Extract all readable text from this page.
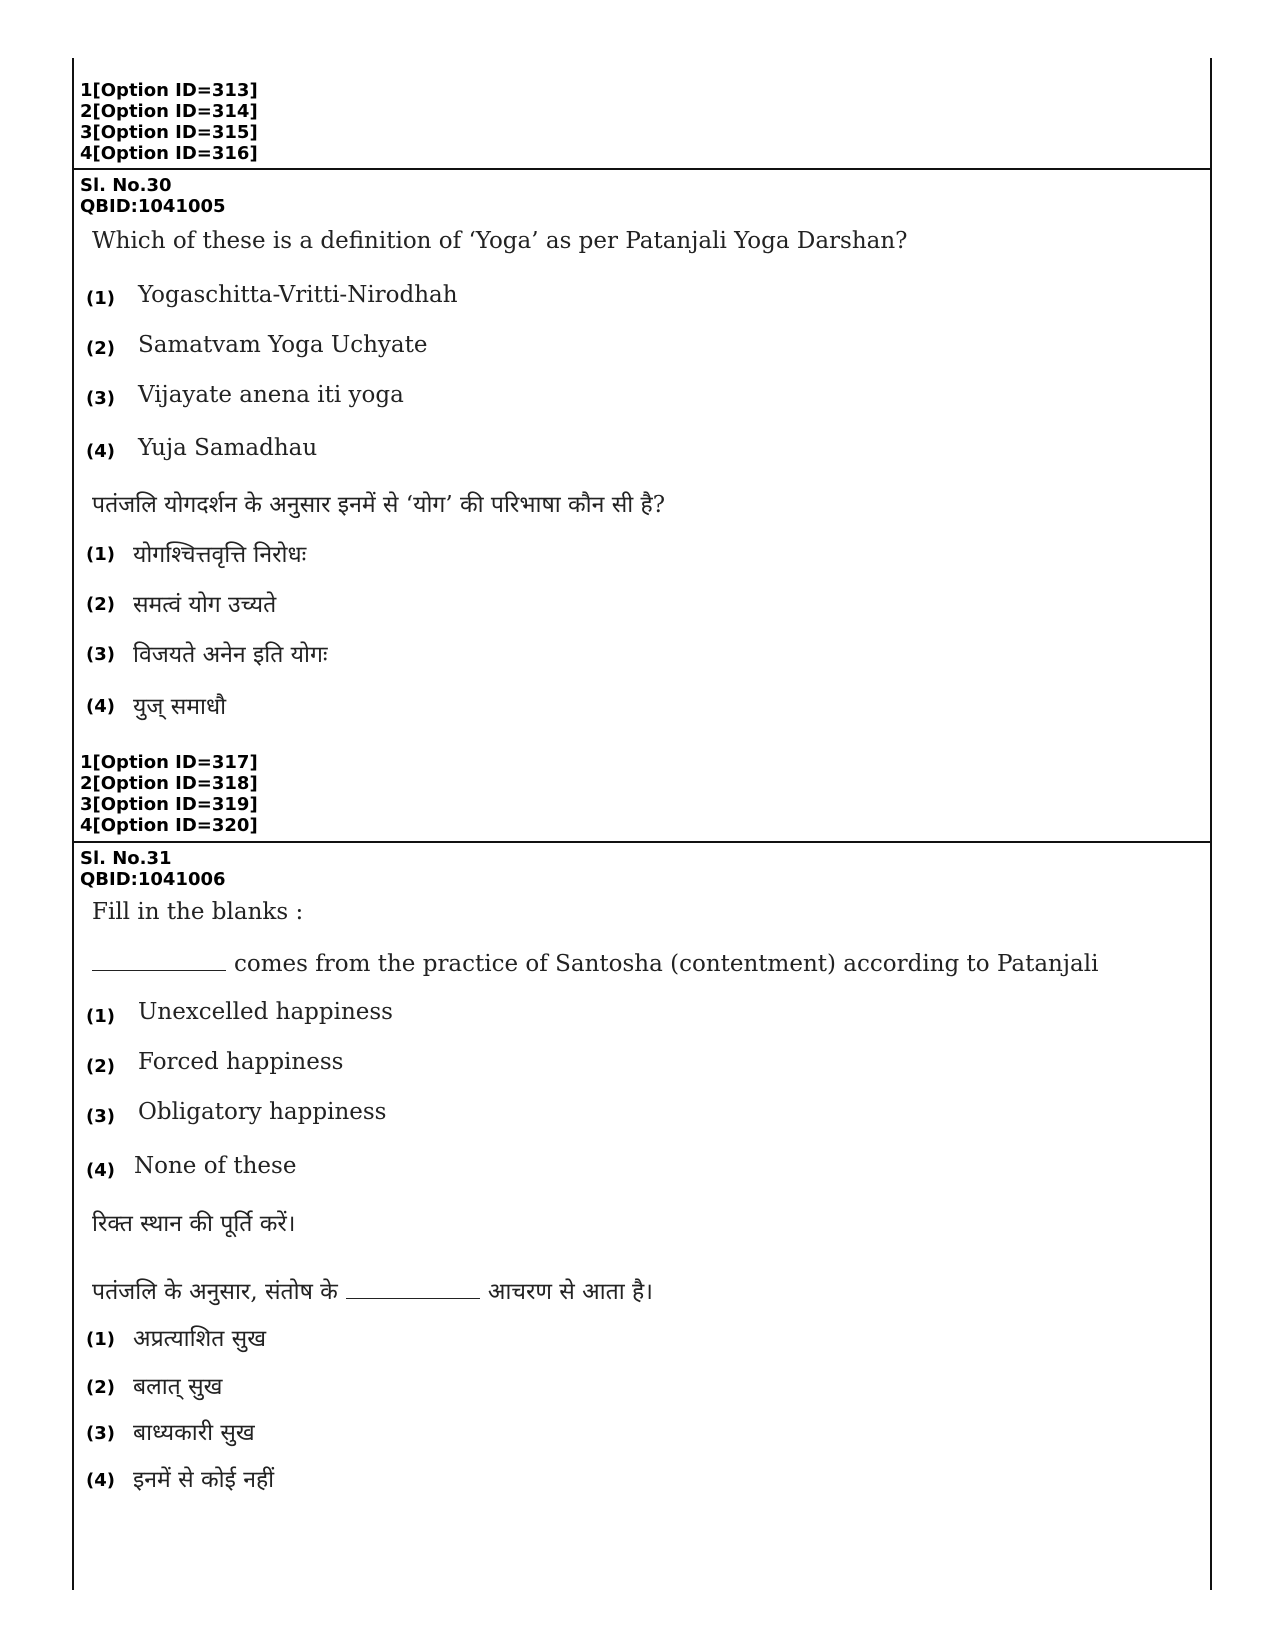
1[Option ID=313]
2[Option ID=314]
3[Option ID=315]
4[Option ID=316]
Sl. No.30
QBID:1041005
Which of these is a definition of ‘Yoga’ as per Patanjali Yoga Darshan?
(1) Yogaschitta-Vritti-Nirodhah
(2) Samatvam Yoga Uchyate
(3) Vijayate anena iti yoga
(4) Yuja Samadhau
पतंजलि योगदर्शन के अनुसार इनमें से ‘योग’ की परिभाषा कौन सी है?
(1) योगश्चित्तवृत्ति निरोधः
(2) समत्वं योग उच्यते
(3) विजयते अनेन इति योगः
(4) युज् समाधौ
1[Option ID=317]
2[Option ID=318]
3[Option ID=319]
4[Option ID=320]
Sl. No.31
QBID:1041006
Fill in the blanks :
comes from the practice of Santosha (contentment) according to Patanjali
(1) Unexcelled happiness
(2) Forced happiness
(3) Obligatory happiness
(4) None of these
रिक्त स्थान की पूर्ति करें।
पतंजलि के अनुसार, संतोष के	आचरण से आता है।
(1) अप्रत्याशित सुख
(2) बलात् सुख
(3) बाध्यकारी सुख
(4) इनमें से कोई नहीं
